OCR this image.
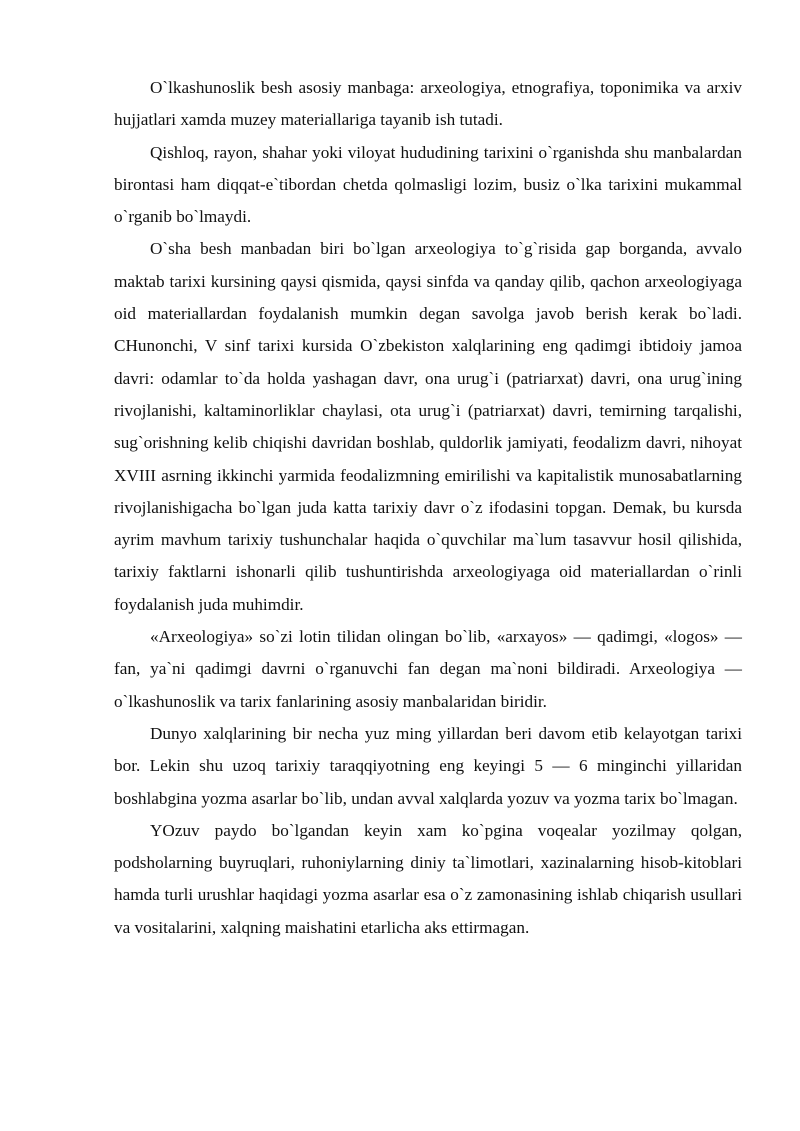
O`lkashunoslik besh asosiy manbaga: arxeologiya, etnografiya, toponimika va arxiv hujjatlari xamda muzey materiallariga tayanib ish tutadi.

Qishloq, rayon, shahar yoki viloyat hududining tarixini o`rganishda shu manbalardan birontasi ham diqqat-e`tibordan chetda qolmasligi lozim, busiz o`lka tarixini mukammal o`rganib bo`lmaydi.

O`sha besh manbadan biri bo`lgan arxeologiya to`g`risida gap borganda, avvalo maktab tarixi kursining qaysi qismida, qaysi sinfda va qanday qilib, qachon arxeologiyaga oid materiallardan foydalanish mumkin degan savolga javob berish kerak bo`ladi. CHunonchi, V sinf tarixi kursida O`zbekiston xalqlarining eng qadimgi ibtidoiy jamoa davri: odamlar to`da holda yashagan davr, ona urug`i (patriarxat) davri, ona urug`ining rivojlanishi, kaltaminorliklar chaylasi, ota urug`i (patriarxat) davri, temirning tarqalishi, sug`orishning kelib chiqishi davridan boshlab, quldorlik jamiyati, feodalizm davri, nihoyat XVIII asrning ikkinchi yarmida feodalizmning emirilishi va kapitalistik munosabatlarning rivojlanishigacha bo`lgan juda katta tarixiy davr o`z ifodasini topgan. Demak, bu kursda ayrim mavhum tarixiy tushunchalar haqida o`quvchilar ma`lum tasavvur hosil qilishida, tarixiy faktlarni ishonarli qilib tushuntirishda arxeologiyaga oid materiallardan o`rinli foydalanish juda muhimdir.

«Arxeologiya» so`zi lotin tilidan olingan bo`lib, «arxayos» — qadimgi, «logos» — fan, ya`ni qadimgi davrni o`rganuvchi fan degan ma`noni bildiradi. Arxeologiya — o`lkashunoslik va tarix fanlarining asosiy manbalaridan biridir.

Dunyo xalqlarining bir necha yuz ming yillardan beri davom etib kelayotgan tarixi bor. Lekin shu uzoq tarixiy taraqqiyotning eng keyingi 5 — 6 minginchi yillaridan boshlabgina yozma asarlar bo`lib, undan avval xalqlarda yozuv va yozma tarix bo`lmagan.

YOzuv paydo bo`lgandan keyin xam ko`pgina voqealar yozilmay qolgan, podsholarning buyruqlari, ruhoniylarning diniy ta`limotlari, xazinalarning hisob-kitoblari hamda turli urushlar haqidagi yozma asarlar esa o`z zamonasining ishlab chiqarish usullari va vositalarini, xalqning maishatini etarlicha aks ettirmagan.
